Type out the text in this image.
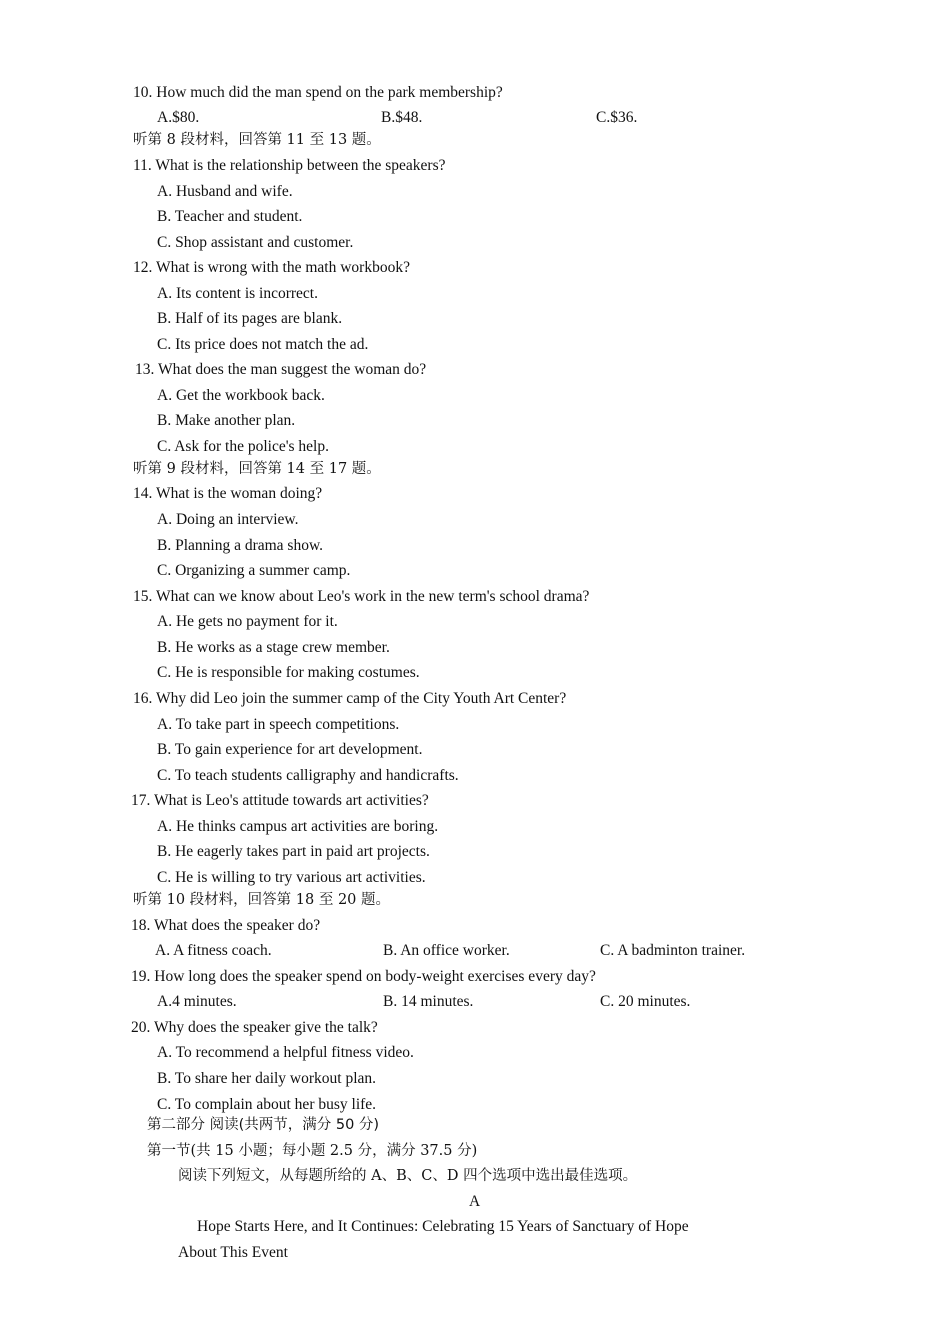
10. How much did the man spend on the park membership?
A.$80.	B.$48.	C.$36.
听第 8 段材料，回答第 11 至 13 题。
11. What is the relationship between the speakers?
A. Husband and wife.
B. Teacher and student.
C. Shop assistant and customer.
12. What is wrong with the math workbook?
A. Its content is incorrect.
B. Half of its pages are blank.
C. Its price does not match the ad.
13. What does the man suggest the woman do?
A. Get the workbook back.
B. Make another plan.
C. Ask for the police's help.
听第 9 段材料，回答第 14 至 17 题。
14. What is the woman doing?
A. Doing an interview.
B. Planning a drama show.
C. Organizing a summer camp.
15. What can we know about Leo's work in the new term's school drama?
A. He gets no payment for it.
B. He works as a stage crew member.
C. He is responsible for making costumes.
16. Why did Leo join the summer camp of the City Youth Art Center?
A. To take part in speech competitions.
B. To gain experience for art development.
C. To teach students calligraphy and handicrafts.
17. What is Leo's attitude towards art activities?
A. He thinks campus art activities are boring.
B. He eagerly takes part in paid art projects.
C. He is willing to try various art activities.
听第 10 段材料，回答第 18 至 20 题。
18. What does the speaker do?
A. A fitness coach.	B. An office worker.	C. A badminton trainer.
19. How long does the speaker spend on body-weight exercises every day?
A.4 minutes.	B. 14 minutes.	C. 20 minutes.
20. Why does the speaker give the talk?
A. To recommend a helpful fitness video.
B. To share her daily workout plan.
C. To complain about her busy life.
第二部分 阅读(共两节，满分 50 分)
第一节(共 15 小题；每小题 2.5 分，满分 37.5 分)
阅读下列短文，从每题所给的 A、B、C、D 四个选项中选出最佳选项。
A
Hope Starts Here, and It Continues: Celebrating 15 Years of Sanctuary of Hope
About This Event
